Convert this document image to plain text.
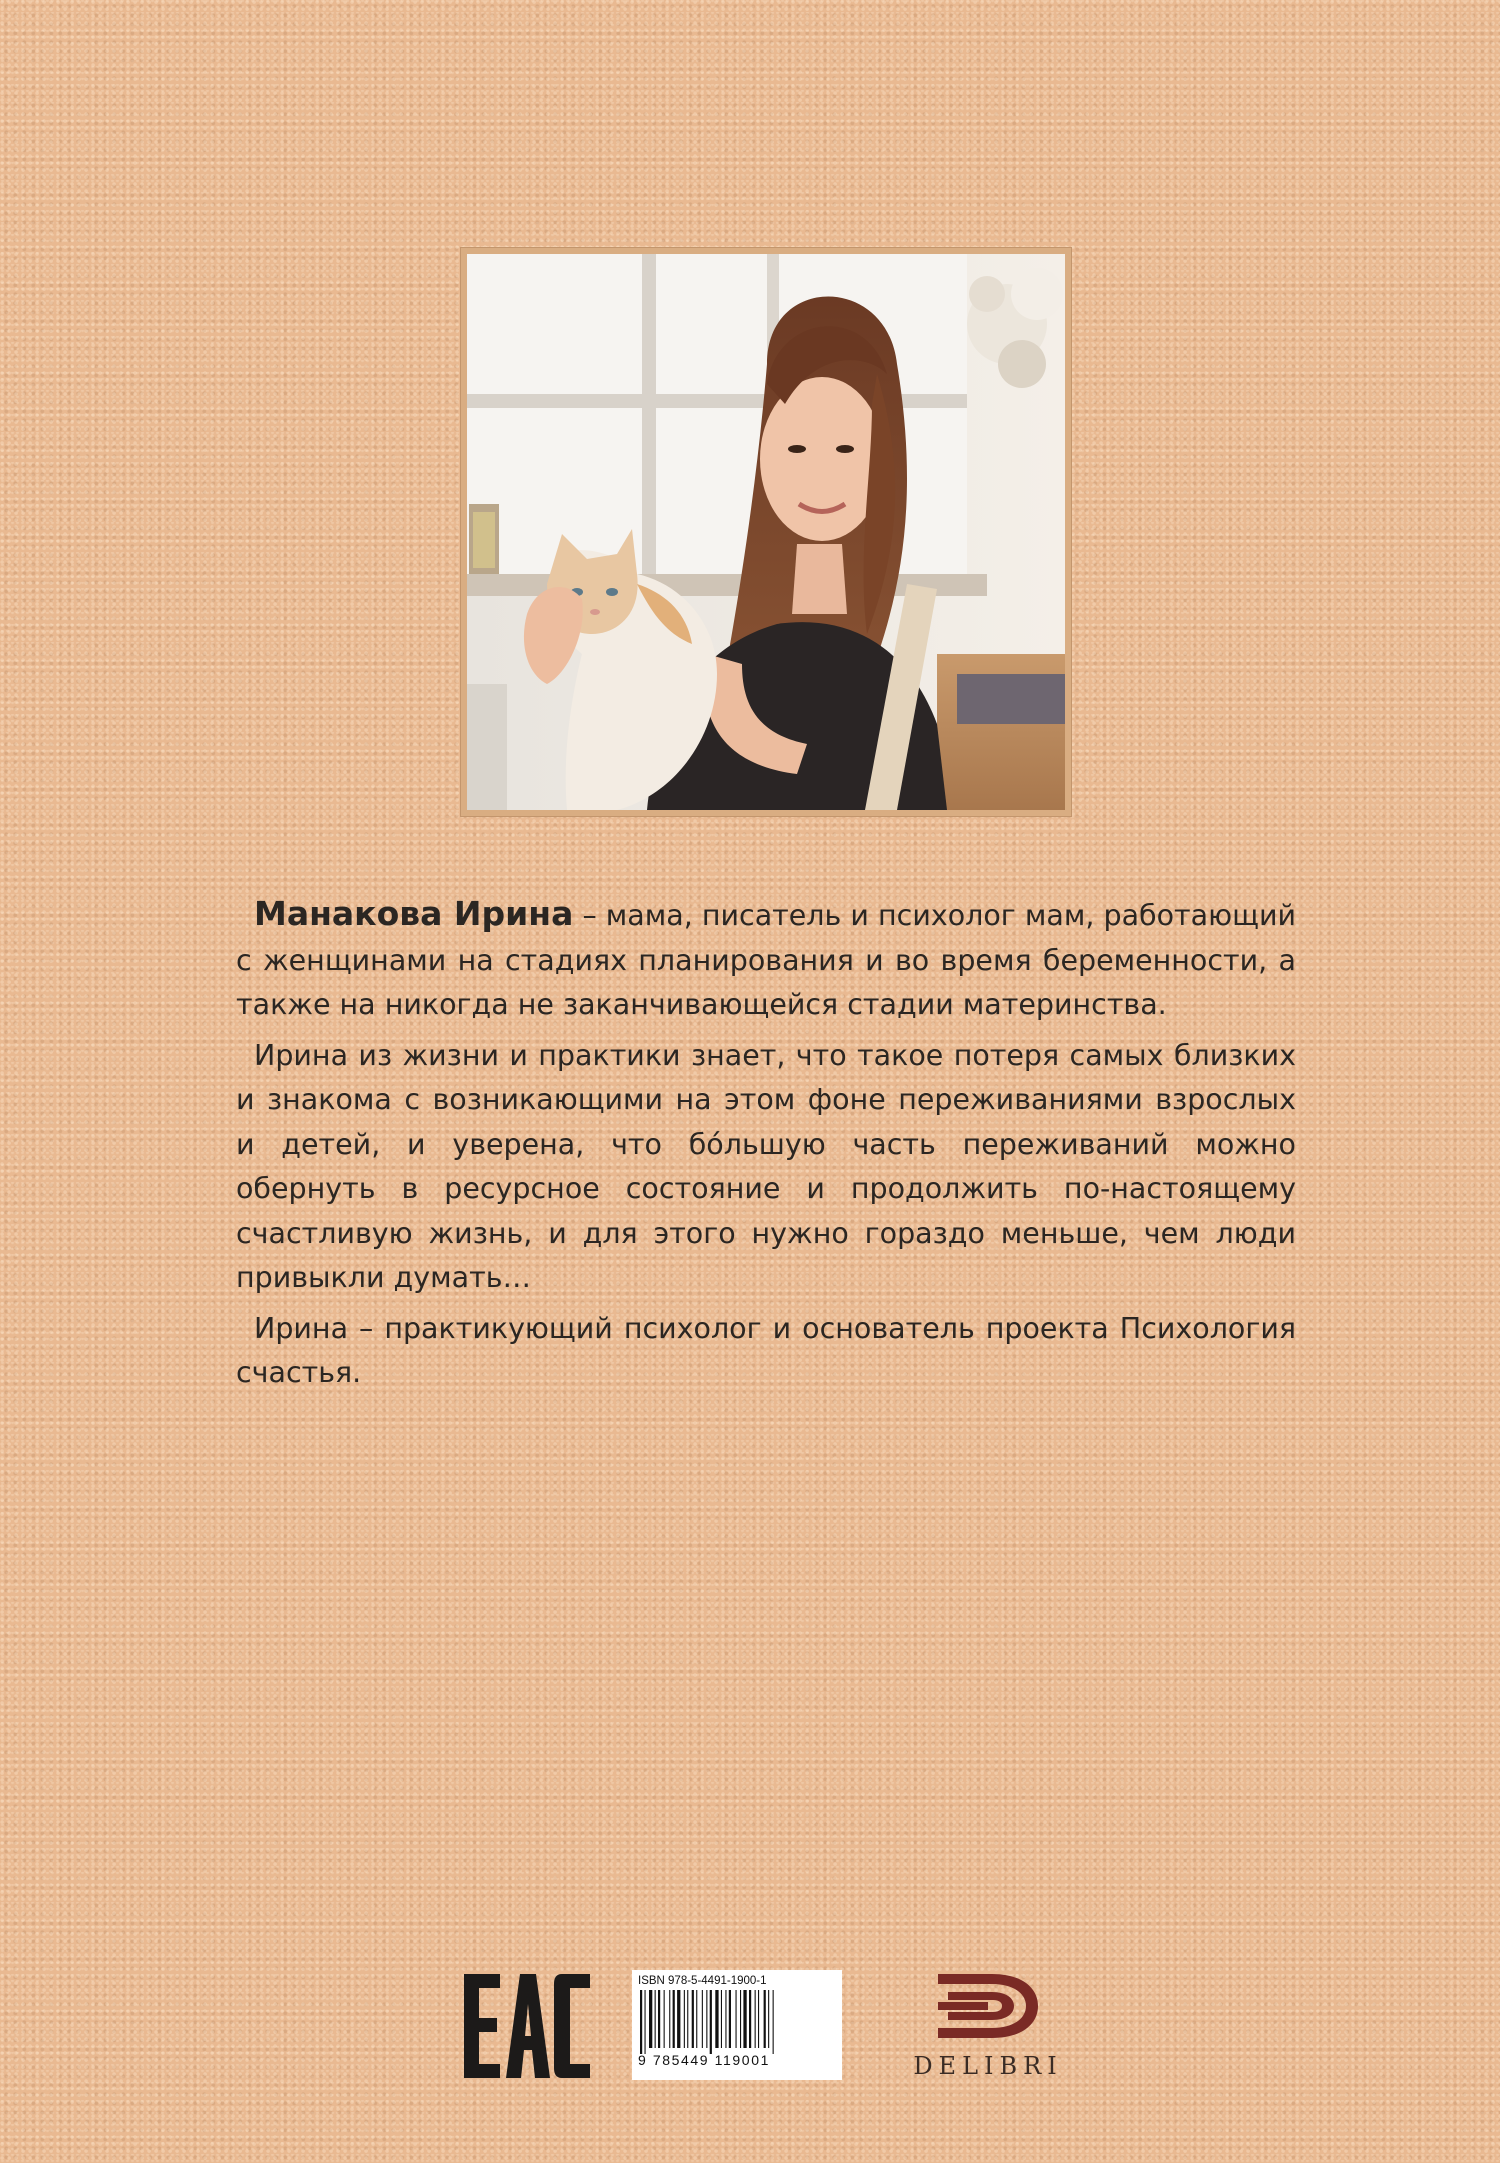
Манакова Ирина – мама, писатель и психолог мам, работающий с женщинами на стадиях планирования и во время беременности, а также на никогда не заканчивающейся стадии материнства.

Ирина из жизни и практики знает, что такое потеря самых близких и знакома с возникающими на этом фоне переживаниями взрослых и детей, и уверена, что бóльшую часть переживаний можно обернуть в ресурсное состояние и продолжить по-настоящему счастливую жизнь, и для этого нужно гораздо меньше, чем люди привыкли думать…

Ирина – практикующий психолог и основатель проекта Психология счастья.

ISBN 978-5-4491-1900-1
9 785449 119001	DELIBRI
